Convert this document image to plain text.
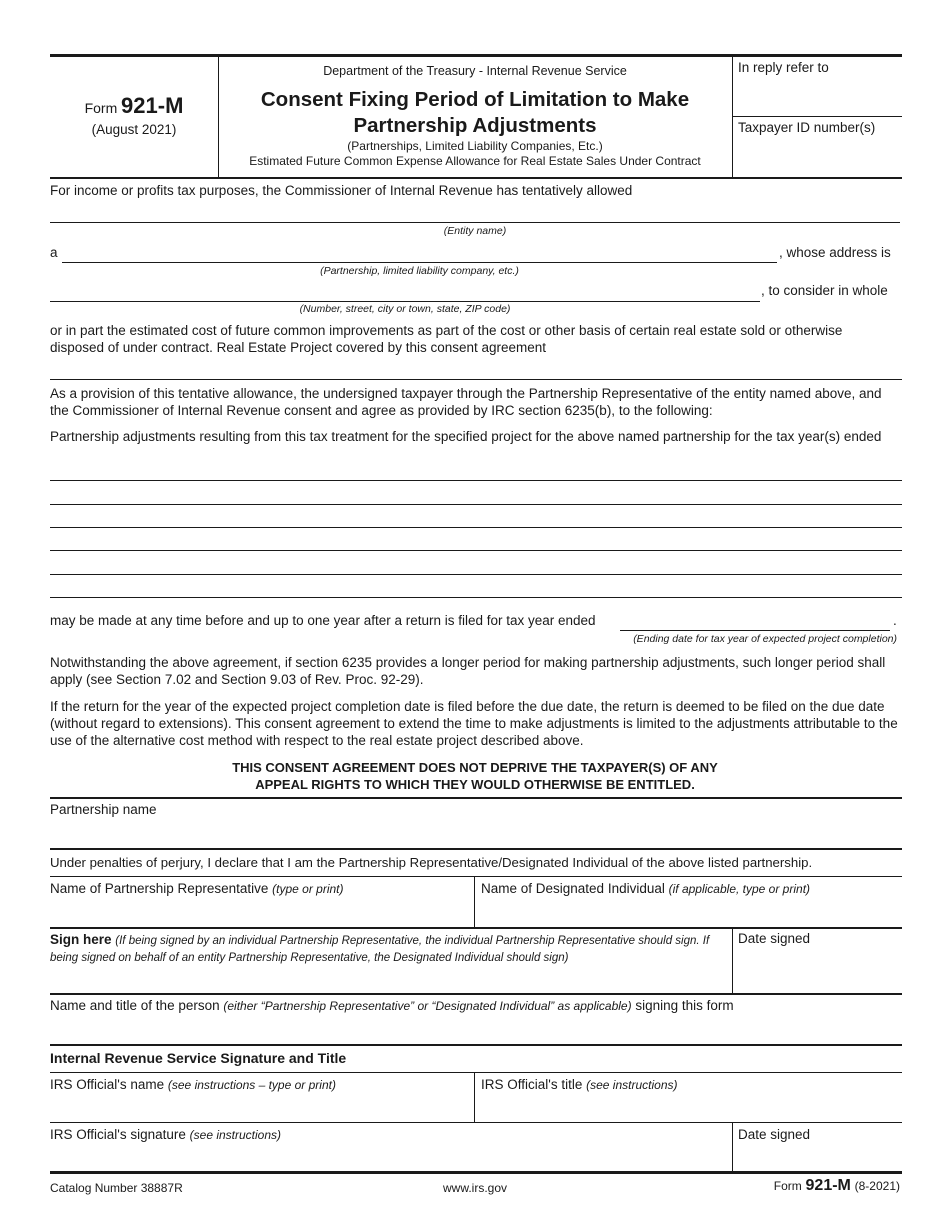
Form 921-M
(August 2021)
Department of the Treasury - Internal Revenue Service
Consent Fixing Period of Limitation to Make
Partnership Adjustments
(Partnerships, Limited Liability Companies, Etc.)
Estimated Future Common Expense Allowance for Real Estate Sales Under Contract
In reply refer to
Taxpayer ID number(s)
For income or profits tax purposes, the Commissioner of Internal Revenue has tentatively allowed
(Entity name)
a	, whose address is
(Partnership, limited liability company, etc.)
, to consider in whole
(Number, street, city or town, state, ZIP code)
or in part the estimated cost of future common improvements as part of the cost or other basis of certain real estate sold or otherwise disposed of under contract. Real Estate Project covered by this consent agreement
As a provision of this tentative allowance, the undersigned taxpayer through the Partnership Representative of the entity named above, and the Commissioner of Internal Revenue consent and agree as provided by IRC section 6235(b), to the following:
Partnership adjustments resulting from this tax treatment for the specified project for the above named partnership for the tax year(s) ended
may be made at any time before and up to one year after a return is filed for tax year ended	.
(Ending date for tax year of expected project completion)
Notwithstanding the above agreement, if section 6235 provides a longer period for making partnership adjustments, such longer period shall apply (see Section 7.02 and Section 9.03 of Rev. Proc. 92-29).
If the return for the year of the expected project completion date is filed before the due date, the return is deemed to be filed on the due date (without regard to extensions). This consent agreement to extend the time to make adjustments is limited to the adjustments attributable to the use of the alternative cost method with respect to the real estate project described above.
THIS CONSENT AGREEMENT DOES NOT DEPRIVE THE TAXPAYER(S) OF ANY
APPEAL RIGHTS TO WHICH THEY WOULD OTHERWISE BE ENTITLED.
Partnership name
Under penalties of perjury, I declare that I am the Partnership Representative/Designated Individual of the above listed partnership.
Name of Partnership Representative (type or print)	Name of Designated Individual (if applicable, type or print)
Sign here (If being signed by an individual Partnership Representative, the individual Partnership Representative should sign. If being signed on behalf of an entity Partnership Representative, the Designated Individual should sign)
Date signed
Name and title of the person (either “Partnership Representative” or “Designated Individual” as applicable) signing this form
Internal Revenue Service Signature and Title
IRS Official's name (see instructions – type or print)	IRS Official's title (see instructions)
IRS Official's signature (see instructions)	Date signed
Catalog Number 38887R	www.irs.gov	Form 921-M (8-2021)
